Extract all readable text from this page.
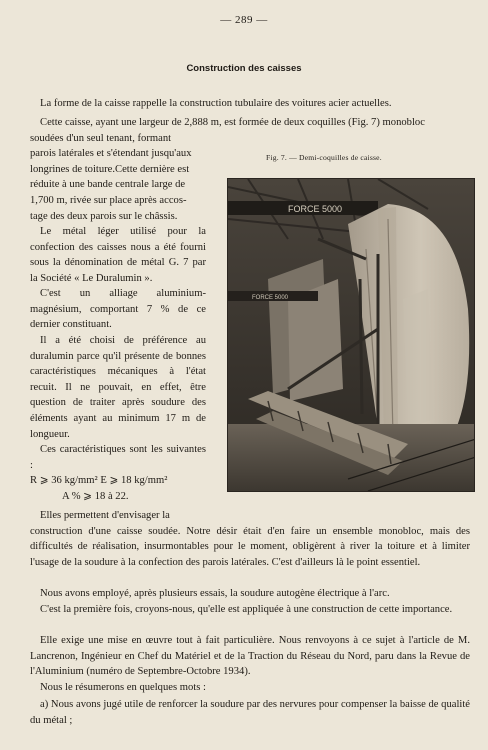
— 289 —
Construction des caisses
La forme de la caisse rappelle la construction tubulaire des voitures acier actuelles.
Cette caisse, ayant une largeur de 2,888 m, est formée de deux coquilles (Fig. 7) monobloc
soudées d'un seul tenant, formant
parois latérales et s'étendant jusqu'aux
longrines de toiture.Cette dernière est
réduite à une bande centrale large de
1,700 m, rivée sur place après accos-
tage des deux parois sur le châssis.
Le métal léger utilisé pour la confection des caisses nous a été fourni sous la dénomination de métal G. 7 par la Société « Le Duralumin ».
C'est un alliage aluminium-magnésium, comportant 7 % de ce dernier constituant.
Il a été choisi de préférence au duralumin parce qu'il présente de bonnes caractéristiques mécaniques à l'état recuit. Il ne pouvait, en effet, être question de traiter après soudure des éléments ayant au minimum 17 m de longueur.
Ces caractéristiques sont les suivantes :
R ⩾ 36 kg/mm² E ⩾ 18 kg/mm²
A % ⩾ 18 à 22.
Elles permettent d'envisager la
construction d'une caisse soudée. Notre désir était d'en faire un ensemble monobloc, mais des difficultés de réalisation, insurmontables pour le moment, obligèrent à river la toiture et à limiter l'usage de la soudure à la confection des parois latérales. C'est d'ailleurs là le point essentiel.
Nous avons employé, après plusieurs essais, la soudure autogène électrique à l'arc.
C'est la première fois, croyons-nous, qu'elle est appliquée à une construction de cette importance.
Elle exige une mise en œuvre tout à fait particulière. Nous renvoyons à ce sujet à l'article de M. Lancrenon, Ingénieur en Chef du Matériel et de la Traction du Réseau du Nord, paru dans la Revue de l'Aluminium (numéro de Septembre-Octobre 1934).
Nous le résumerons en quelques mots :
a) Nous avons jugé utile de renforcer la soudure par des nervures pour compenser la baisse de qualité du métal ;
Fig. 7. — Demi-coquilles de caisse.
FORCE 5000
FORCE 5000
